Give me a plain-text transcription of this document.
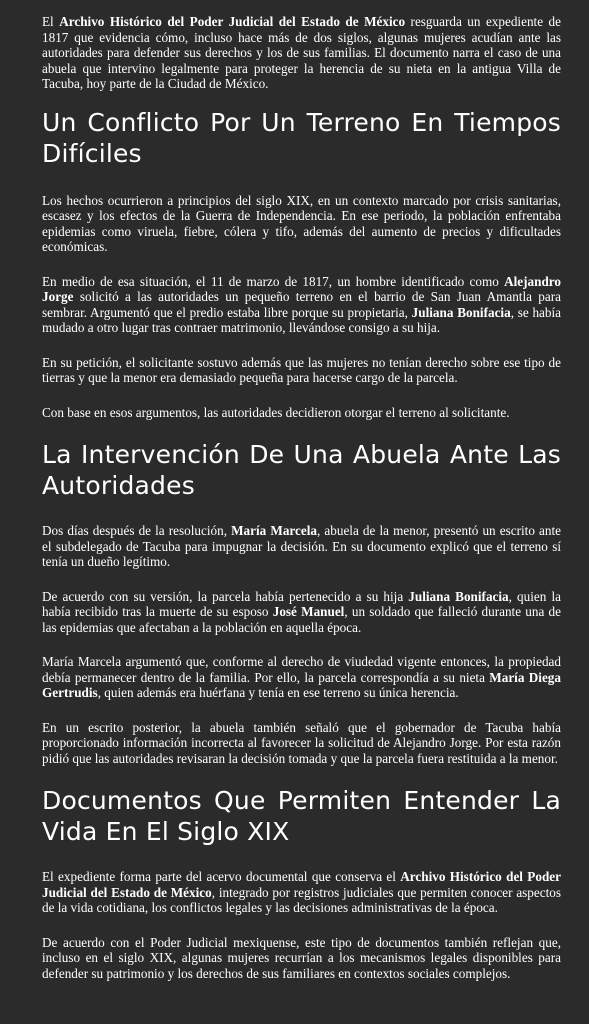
El Archivo Histórico del Poder Judicial del Estado de México resguarda un expediente de 1817 que evidencia cómo, incluso hace más de dos siglos, algunas mujeres acudían ante las autoridades para defender sus derechos y los de sus familias. El documento narra el caso de una abuela que intervino legalmente para proteger la herencia de su nieta en la antigua Villa de Tacuba, hoy parte de la Ciudad de México.

Un Conflicto Por Un Terreno En Tiempos Difíciles

Los hechos ocurrieron a principios del siglo XIX, en un contexto marcado por crisis sanitarias, escasez y los efectos de la Guerra de Independencia. En ese periodo, la población enfrentaba epidemias como viruela, fiebre, cólera y tifo, además del aumento de precios y dificultades económicas.

En medio de esa situación, el 11 de marzo de 1817, un hombre identificado como Alejandro Jorge solicitó a las autoridades un pequeño terreno en el barrio de San Juan Amantla para sembrar. Argumentó que el predio estaba libre porque su propietaria, Juliana Bonifacia, se había mudado a otro lugar tras contraer matrimonio, llevándose consigo a su hija.

En su petición, el solicitante sostuvo además que las mujeres no tenían derecho sobre ese tipo de tierras y que la menor era demasiado pequeña para hacerse cargo de la parcela.

Con base en esos argumentos, las autoridades decidieron otorgar el terreno al solicitante.

La Intervención De Una Abuela Ante Las Autoridades

Dos días después de la resolución, María Marcela, abuela de la menor, presentó un escrito ante el subdelegado de Tacuba para impugnar la decisión. En su documento explicó que el terreno sí tenía un dueño legítimo.

De acuerdo con su versión, la parcela había pertenecido a su hija Juliana Bonifacia, quien la había recibido tras la muerte de su esposo José Manuel, un soldado que falleció durante una de las epidemias que afectaban a la población en aquella época.

María Marcela argumentó que, conforme al derecho de viudedad vigente entonces, la propiedad debía permanecer dentro de la familia. Por ello, la parcela correspondía a su nieta María Diega Gertrudis, quien además era huérfana y tenía en ese terreno su única herencia.

En un escrito posterior, la abuela también señaló que el gobernador de Tacuba había proporcionado información incorrecta al favorecer la solicitud de Alejandro Jorge. Por esta razón pidió que las autoridades revisaran la decisión tomada y que la parcela fuera restituida a la menor.

Documentos Que Permiten Entender La Vida En El Siglo XIX

El expediente forma parte del acervo documental que conserva el Archivo Histórico del Poder Judicial del Estado de México, integrado por registros judiciales que permiten conocer aspectos de la vida cotidiana, los conflictos legales y las decisiones administrativas de la época.

De acuerdo con el Poder Judicial mexiquense, este tipo de documentos también reflejan que, incluso en el siglo XIX, algunas mujeres recurrían a los mecanismos legales disponibles para defender su patrimonio y los derechos de sus familiares en contextos sociales complejos.
